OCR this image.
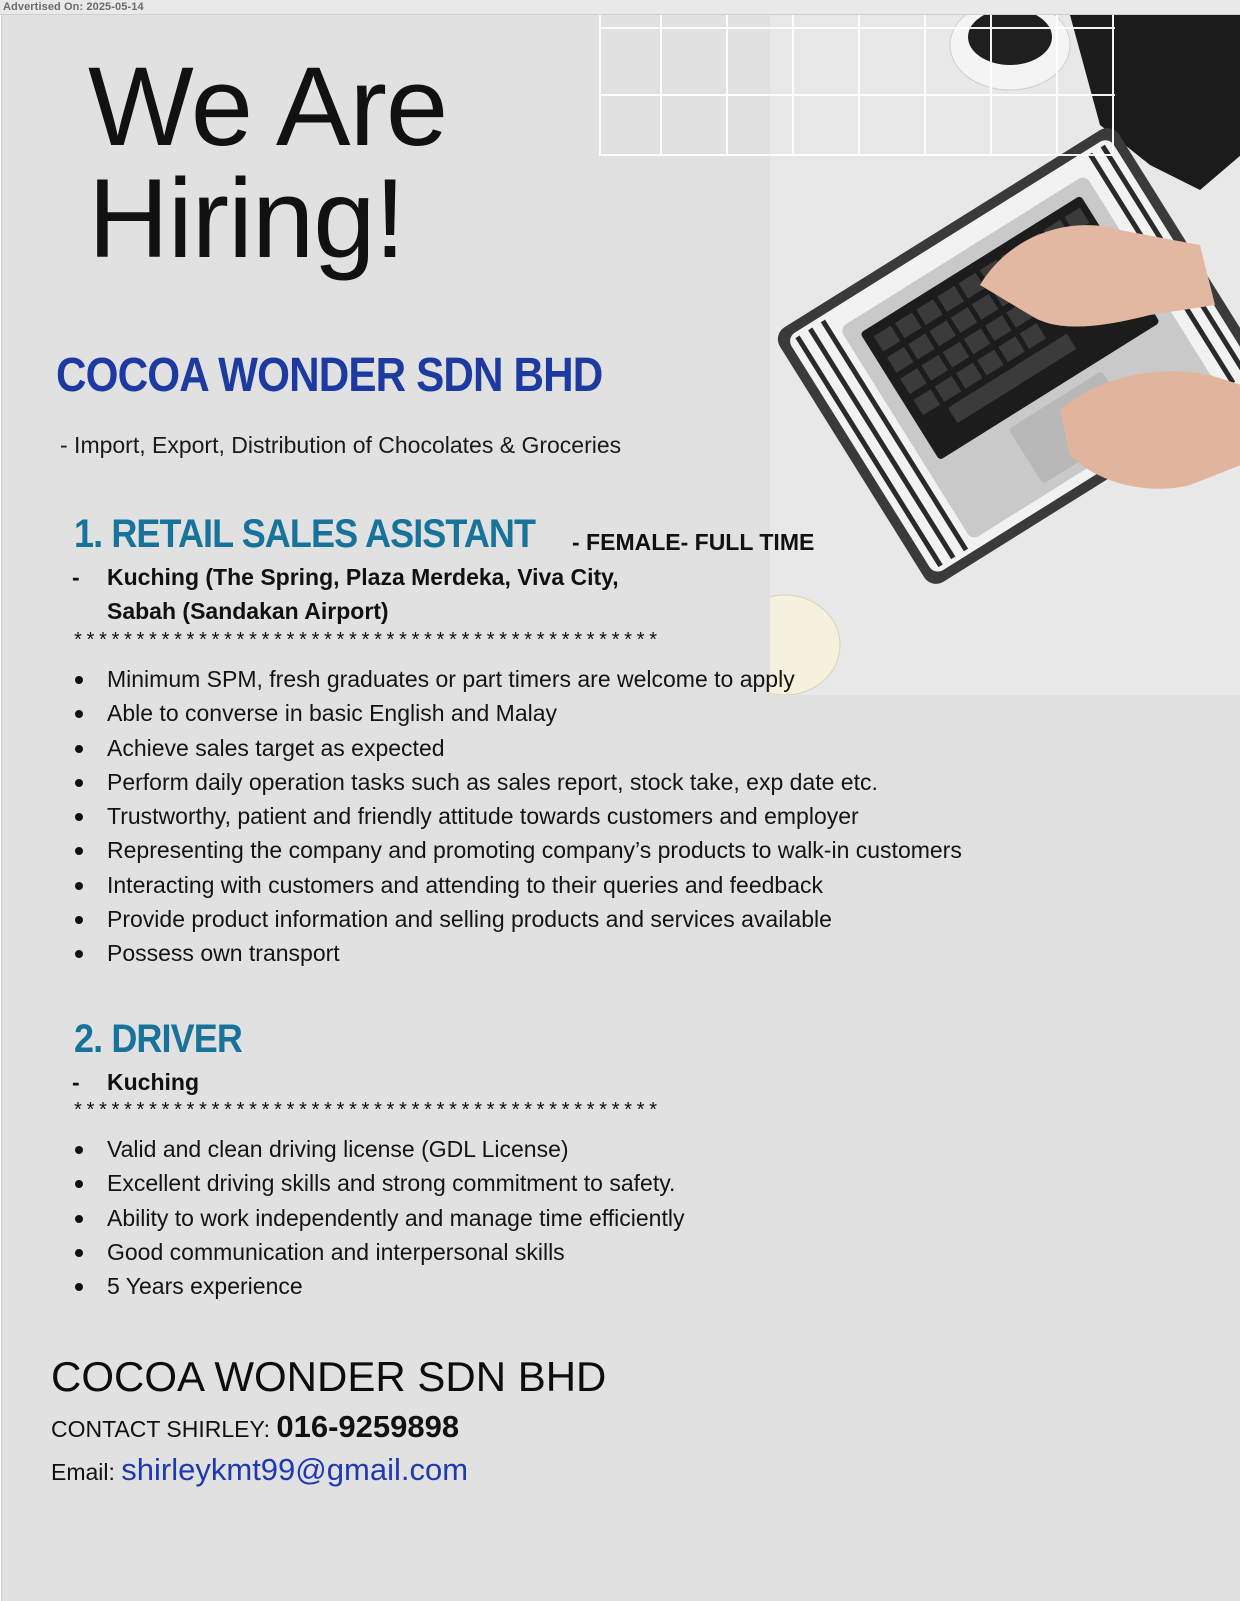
Advertised On: 2025-05-14
We Are
Hiring!
COCOA WONDER SDN BHD
- Import, Export, Distribution of Chocolates & Groceries
1. RETAIL SALES ASISTANT - FEMALE- FULL TIME
- Kuching (The Spring, Plaza Merdeka, Viva City,
Sabah (Sandakan Airport)
***********************************************
Minimum SPM, fresh graduates or part timers are welcome to apply
Able to converse in basic English and Malay
Achieve sales target as expected
Perform daily operation tasks such as sales report, stock take, exp date etc.
Trustworthy, patient and friendly attitude towards customers and employer
Representing the company and promoting company’s products to walk-in customers
Interacting with customers and attending to their queries and feedback
Provide product information and selling products and services available
Possess own transport
2. DRIVER
- Kuching
***********************************************
Valid and clean driving license (GDL License)
Excellent driving skills and strong commitment to safety.
Ability to work independently and manage time efficiently
Good communication and interpersonal skills
5 Years experience
COCOA WONDER SDN BHD
CONTACT SHIRLEY: 016-9259898
Email: shirleykmt99@gmail.com
